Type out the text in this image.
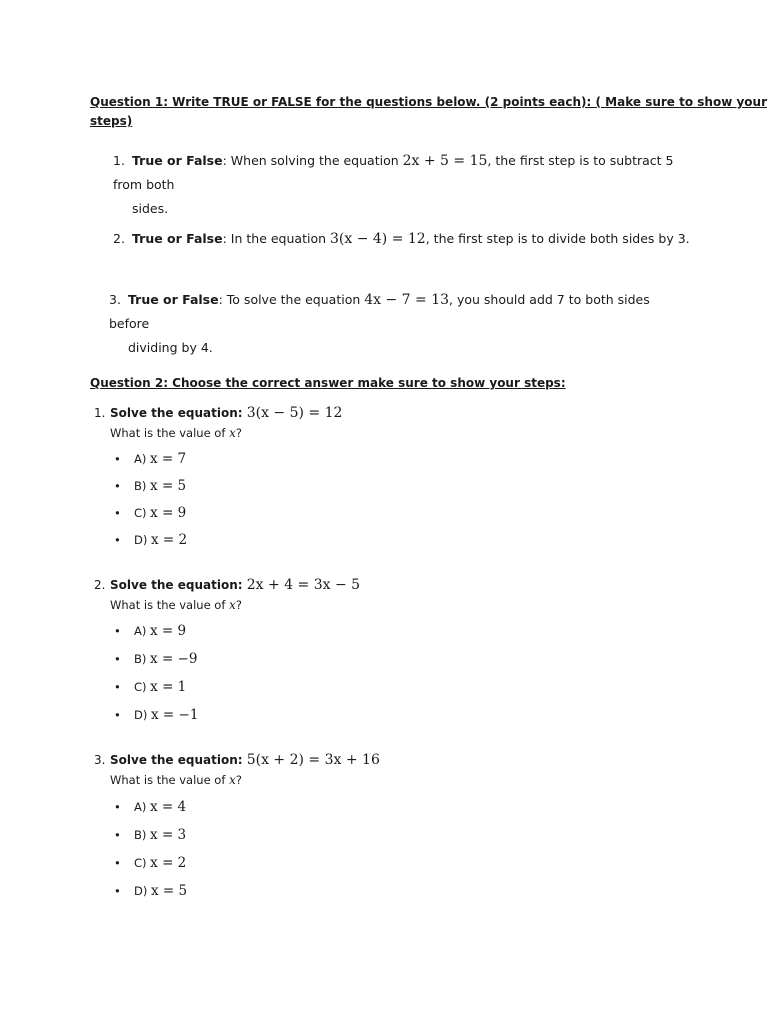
Question 1: Write TRUE or FALSE for the questions below. (2 points each): ( Make sure to show your
steps)
1. True or False: When solving the equation 2x + 5 = 15, the first step is to subtract 5 from both
sides.
2. True or False: In the equation 3(x − 4) = 12, the first step is to divide both sides by 3.
3. True or False: To solve the equation 4x − 7 = 13, you should add 7 to both sides before
dividing by 4.
Question 2: Choose the correct answer make sure to show your steps:
1. Solve the equation: 3(x − 5) = 12
What is the value of x?
• A) x = 7
• B) x = 5
• C) x = 9
• D) x = 2
2. Solve the equation: 2x + 4 = 3x − 5
What is the value of x?
• A) x = 9
• B) x = −9
• C) x = 1
• D) x = −1
3. Solve the equation: 5(x + 2) = 3x + 16
What is the value of x?
• A) x = 4
• B) x = 3
• C) x = 2
• D) x = 5
